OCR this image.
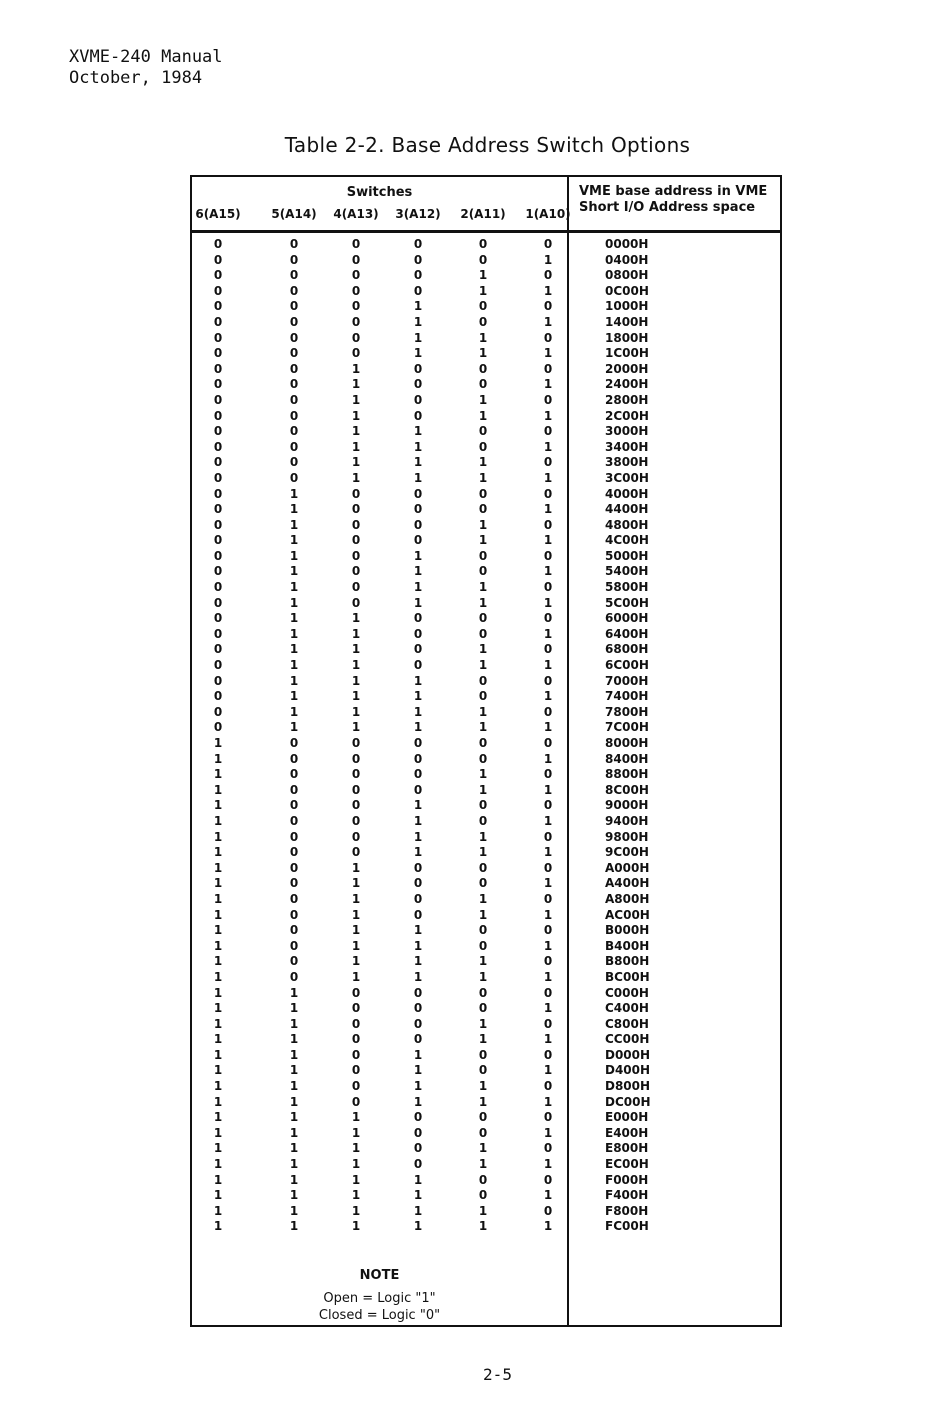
XVME-240 Manual
October, 1984
Table 2-2. Base Address Switch Options
Switches
6(A15)	5(A14)	4(A13)	3(A12)	2(A11)	1(A10)
VME base address in VME
Short I/O Address space
0	0	0	0	0	0	0000H
0	0	0	0	0	1	0400H
0	0	0	0	1	0	0800H
0	0	0	0	1	1	0C00H
0	0	0	1	0	0	1000H
0	0	0	1	0	1	1400H
0	0	0	1	1	0	1800H
0	0	0	1	1	1	1C00H
0	0	1	0	0	0	2000H
0	0	1	0	0	1	2400H
0	0	1	0	1	0	2800H
0	0	1	0	1	1	2C00H
0	0	1	1	0	0	3000H
0	0	1	1	0	1	3400H
0	0	1	1	1	0	3800H
0	0	1	1	1	1	3C00H
0	1	0	0	0	0	4000H
0	1	0	0	0	1	4400H
0	1	0	0	1	0	4800H
0	1	0	0	1	1	4C00H
0	1	0	1	0	0	5000H
0	1	0	1	0	1	5400H
0	1	0	1	1	0	5800H
0	1	0	1	1	1	5C00H
0	1	1	0	0	0	6000H
0	1	1	0	0	1	6400H
0	1	1	0	1	0	6800H
0	1	1	0	1	1	6C00H
0	1	1	1	0	0	7000H
0	1	1	1	0	1	7400H
0	1	1	1	1	0	7800H
0	1	1	1	1	1	7C00H
1	0	0	0	0	0	8000H
1	0	0	0	0	1	8400H
1	0	0	0	1	0	8800H
1	0	0	0	1	1	8C00H
1	0	0	1	0	0	9000H
1	0	0	1	0	1	9400H
1	0	0	1	1	0	9800H
1	0	0	1	1	1	9C00H
1	0	1	0	0	0	A000H
1	0	1	0	0	1	A400H
1	0	1	0	1	0	A800H
1	0	1	0	1	1	AC00H
1	0	1	1	0	0	B000H
1	0	1	1	0	1	B400H
1	0	1	1	1	0	B800H
1	0	1	1	1	1	BC00H
1	1	0	0	0	0	C000H
1	1	0	0	0	1	C400H
1	1	0	0	1	0	C800H
1	1	0	0	1	1	CC00H
1	1	0	1	0	0	D000H
1	1	0	1	0	1	D400H
1	1	0	1	1	0	D800H
1	1	0	1	1	1	DC00H
1	1	1	0	0	0	E000H
1	1	1	0	0	1	E400H
1	1	1	0	1	0	E800H
1	1	1	0	1	1	EC00H
1	1	1	1	0	0	F000H
1	1	1	1	0	1	F400H
1	1	1	1	1	0	F800H
1	1	1	1	1	1	FC00H
NOTE
Open = Logic "1"
Closed = Logic "0"
2-5
